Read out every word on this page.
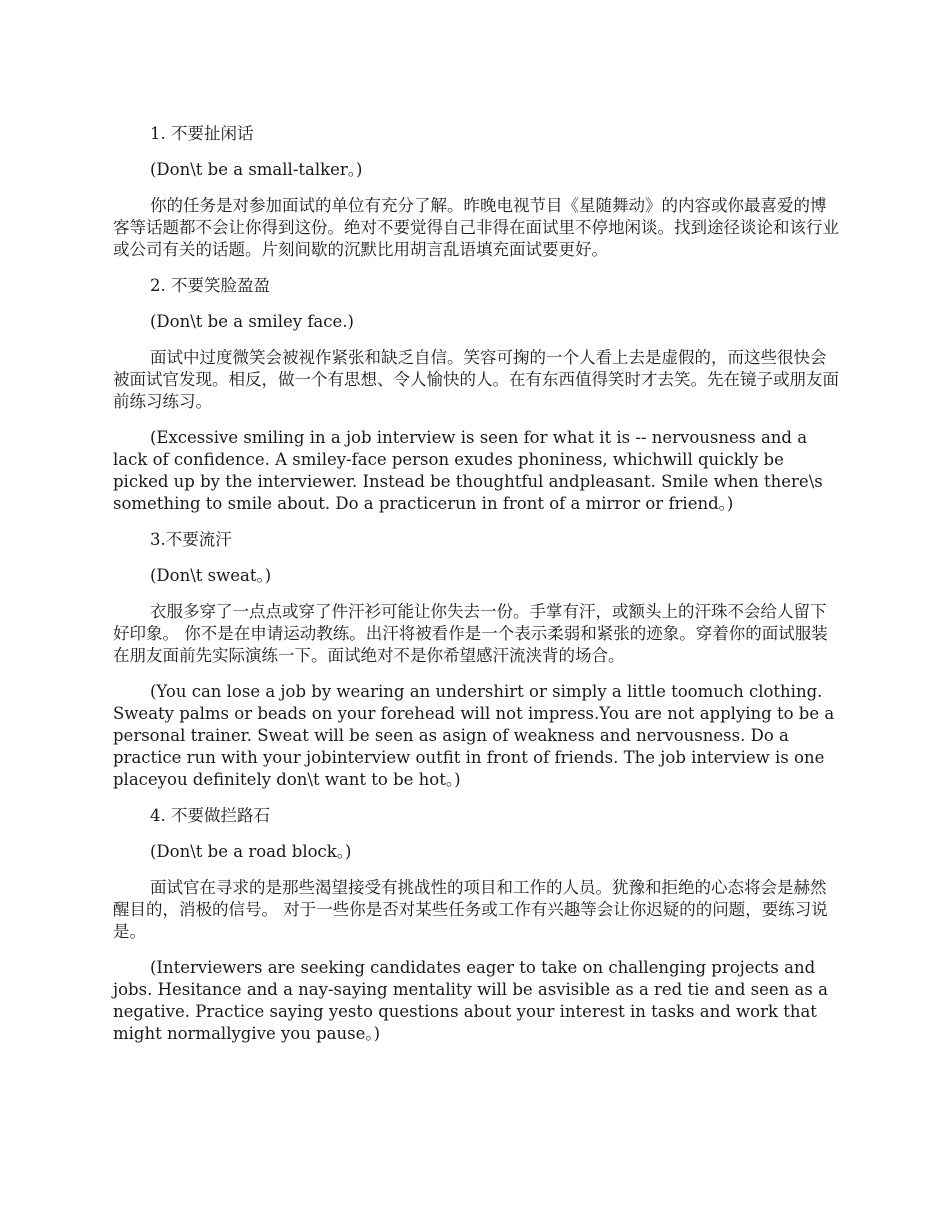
1. 不要扯闲话

(Don\t be a small-talker。)

你的任务是对参加面试的单位有充分了解。昨晚电视节目《星随舞动》的内容或你最喜爱的博客等话题都不会让你得到这份。绝对不要觉得自己非得在面试里不停地闲谈。找到途径谈论和该行业或公司有关的话题。片刻间歇的沉默比用胡言乱语填充面试要更好。

2. 不要笑脸盈盈

(Don\t be a smiley face.)

面试中过度微笑会被视作紧张和缺乏自信。笑容可掬的一个人看上去是虚假的，而这些很快会被面试官发现。相反，做一个有思想、令人愉快的人。在有东西值得笑时才去笑。先在镜子或朋友面前练习练习。

(Excessive smiling in a job interview is seen for what it is -- nervousness and a lack of confidence. A smiley-face person exudes phoniness, whichwill quickly be picked up by the interviewer. Instead be thoughtful andpleasant. Smile when there\s something to smile about. Do a practicerun in front of a mirror or friend。)

3.不要流汗

(Don\t sweat。)

衣服多穿了一点点或穿了件汗衫可能让你失去一份。手掌有汗，或额头上的汗珠不会给人留下好印象。 你不是在申请运动教练。出汗将被看作是一个表示柔弱和紧张的迹象。穿着你的面试服装在朋友面前先实际演练一下。面试绝对不是你希望感汗流浃背的场合。

(You can lose a job by wearing an undershirt or simply a little toomuch clothing. Sweaty palms or beads on your forehead will not impress.You are not applying to be a personal trainer. Sweat will be seen as asign of weakness and nervousness. Do a practice run with your jobinterview outfit in front of friends. The job interview is one placeyou definitely don\t want to be hot。)

4. 不要做拦路石

(Don\t be a road block。)

面试官在寻求的是那些渴望接受有挑战性的项目和工作的人员。犹豫和拒绝的心态将会是赫然醒目的，消极的信号。 对于一些你是否对某些任务或工作有兴趣等会让你迟疑的的问题，要练习说是。

(Interviewers are seeking candidates eager to take on challenging projects and jobs. Hesitance and a nay-saying mentality will be asvisible as a red tie and seen as a negative. Practice saying yesto questions about your interest in tasks and work that might normallygive you pause。)
